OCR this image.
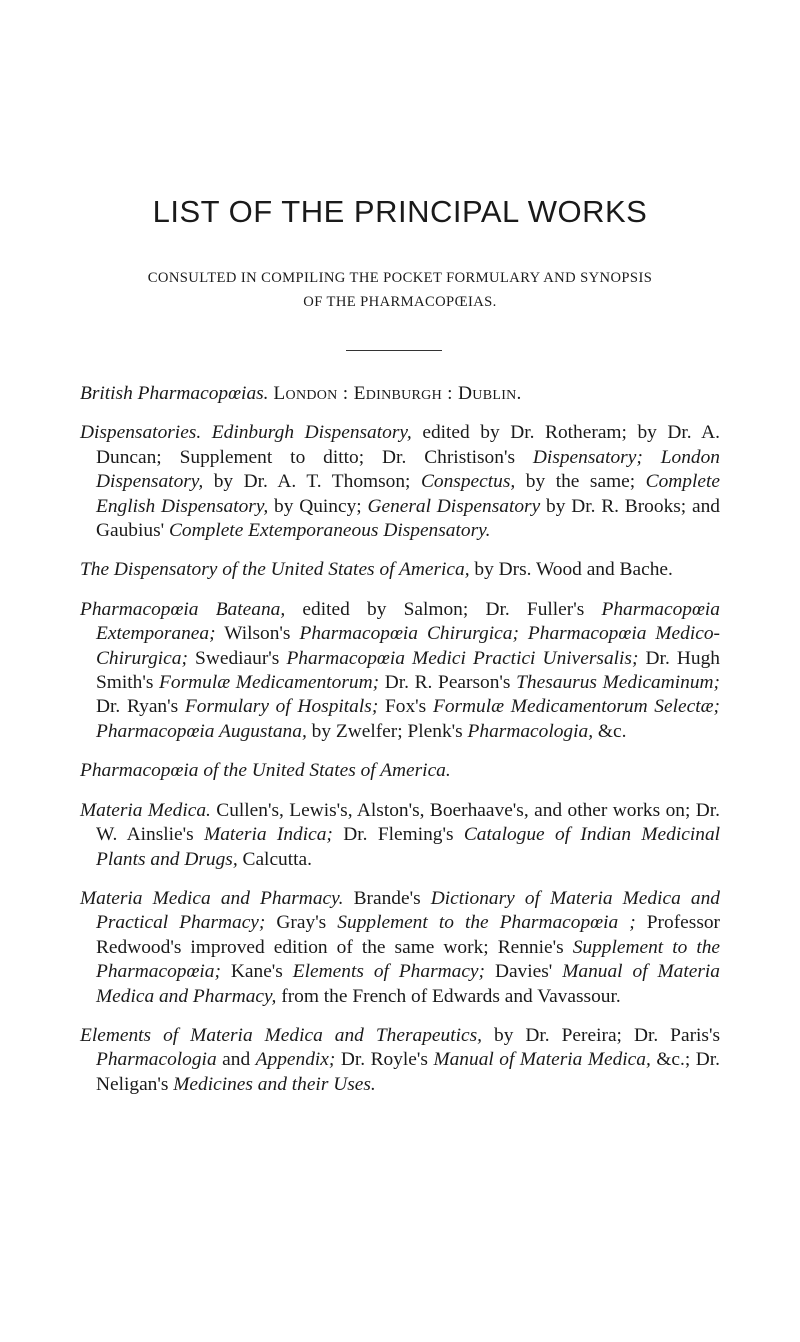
LIST OF THE PRINCIPAL WORKS
CONSULTED IN COMPILING THE POCKET FORMULARY AND SYNOPSIS
OF THE PHARMACOPŒIAS.

British Pharmacopœias. London : Edinburgh : Dublin.

Dispensatories. Edinburgh Dispensatory, edited by Dr. Rotheram; by Dr. A. Duncan; Supplement to ditto; Dr. Christison's Dispensatory; London Dispensatory, by Dr. A. T. Thomson; Conspectus, by the same; Complete English Dispensatory, by Quincy; General Dispensatory by Dr. R. Brooks; and Gaubius' Complete Extemporaneous Dispensatory.

The Dispensatory of the United States of America, by Drs. Wood and Bache.

Pharmacopœia Bateana, edited by Salmon; Dr. Fuller's Pharmacopœia Extemporanea; Wilson's Pharmacopœia Chirurgica; Pharmacopœia Medico-Chirurgica; Swediaur's Pharmacopœia Medici Practici Universalis; Dr. Hugh Smith's Formulæ Medicamentorum; Dr. R. Pearson's Thesaurus Medicaminum; Dr. Ryan's Formulary of Hospitals; Fox's Formulæ Medicamentorum Selectæ; Pharmacopœia Augustana, by Zwelfer; Plenk's Pharmacologia, &c.

Pharmacopœia of the United States of America.

Materia Medica. Cullen's, Lewis's, Alston's, Boerhaave's, and other works on; Dr. W. Ainslie's Materia Indica; Dr. Fleming's Catalogue of Indian Medicinal Plants and Drugs, Calcutta.

Materia Medica and Pharmacy. Brande's Dictionary of Materia Medica and Practical Pharmacy; Gray's Supplement to the Pharmacopœia ; Professor Redwood's improved edition of the same work; Rennie's Supplement to the Pharmacopœia; Kane's Elements of Pharmacy; Davies' Manual of Materia Medica and Pharmacy, from the French of Edwards and Vavassour.

Elements of Materia Medica and Therapeutics, by Dr. Pereira; Dr. Paris's Pharmacologia and Appendix; Dr. Royle's Manual of Materia Medica, &c.; Dr. Neligan's Medicines and their Uses.
